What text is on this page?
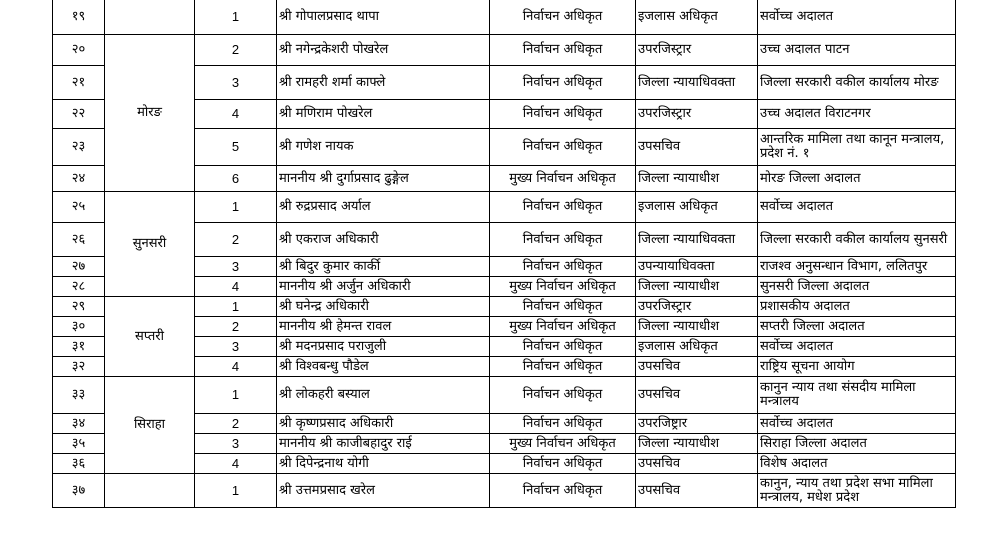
१९		1	श्री गोपालप्रसाद थापा	निर्वाचन अधिकृत	इजलास अधिकृत	सर्वोच्च अदालत
२०	मोरङ	2	श्री नगेन्द्रकेशरी पोखरेल	निर्वाचन अधिकृत	उपरजिस्ट्रार	उच्च अदालत पाटन
२१		3	श्री रामहरी शर्मा काफ्ले	निर्वाचन अधिकृत	जिल्ला न्यायाधिवक्ता	जिल्ला सरकारी वकील कार्यालय मोरङ
२२		4	श्री मणिराम पोखरेल	निर्वाचन अधिकृत	उपरजिस्ट्रार	उच्च अदालत विराटनगर
२३		5	श्री गणेश नायक	निर्वाचन अधिकृत	उपसचिव	आन्तरिक मामिला तथा कानून मन्त्रालय, प्रदेश नं. १
२४		6	माननीय श्री दुर्गाप्रसाद ढुङ्गेल	मुख्य निर्वाचन अधिकृत	जिल्ला न्यायाधीश	मोरङ जिल्ला अदालत
२५	सुनसरी	1	श्री रुद्रप्रसाद अर्याल	निर्वाचन अधिकृत	इजलास अधिकृत	सर्वोच्च अदालत
२६		2	श्री एकराज अधिकारी	निर्वाचन अधिकृत	जिल्ला न्यायाधिवक्ता	जिल्ला सरकारी वकील कार्यालय सुनसरी
२७		3	श्री बिदुर कुमार कार्की	निर्वाचन अधिकृत	उपन्यायाधिवक्ता	राजश्व अनुसन्धान विभाग, ललितपुर
२८		4	माननीय श्री अर्जुन अधिकारी	मुख्य निर्वाचन अधिकृत	जिल्ला न्यायाधीश	सुनसरी जिल्ला अदालत
२९	सप्तरी	1	श्री घनेन्द्र अधिकारी	निर्वाचन अधिकृत	उपरजिस्ट्रार	प्रशासकीय अदालत
३०		2	माननीय श्री हेमन्त रावल	मुख्य निर्वाचन अधिकृत	जिल्ला न्यायाधीश	सप्तरी जिल्ला अदालत
३१		3	श्री मदनप्रसाद पराजुली	निर्वाचन अधिकृत	इजलास अधिकृत	सर्वोच्च अदालत
३२		4	श्री विश्वबन्धु पौडेल	निर्वाचन अधिकृत	उपसचिव	राष्ट्रिय सूचना आयोग
३३	सिराहा	1	श्री लोकहरी बस्याल	निर्वाचन अधिकृत	उपसचिव	कानुन न्याय तथा संसदीय मामिला मन्त्रालय
३४		2	श्री कृष्णप्रसाद अधिकारी	निर्वाचन अधिकृत	उपरजिष्ट्रार	सर्वोच्च अदालत
३५		3	माननीय श्री काजीबहादुर राई	मुख्य निर्वाचन अधिकृत	जिल्ला न्यायाधीश	सिराहा जिल्ला अदालत
३६		4	श्री दिपेन्द्रनाथ योगी	निर्वाचन अधिकृत	उपसचिव	विशेष अदालत
३७		1	श्री उत्तमप्रसाद खरेल	निर्वाचन अधिकृत	उपसचिव	कानुन, न्याय तथा प्रदेश सभा मामिला मन्त्रालय, मधेश प्रदेश
